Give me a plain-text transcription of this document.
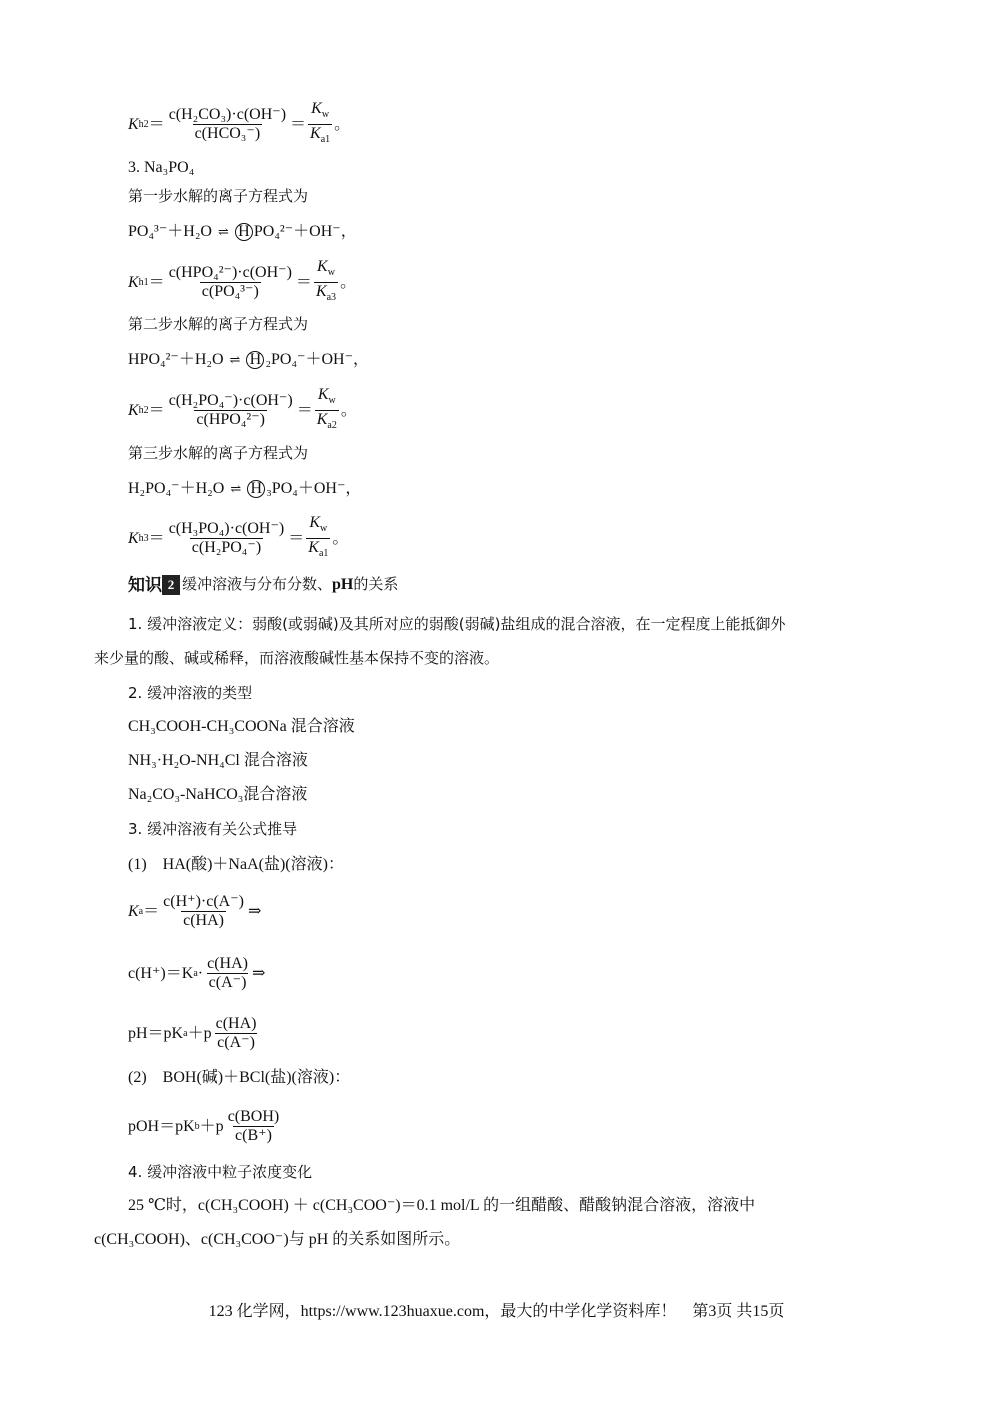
K $h2 = \frac{\text{c(H₂CO₃)·c(OH⁻)}}{\text{c(HCO₃⁻)}} = \frac{K_w}{K_{a1}}$ 。
3. Na₃PO₄
第一步水解的离子方程式为
PO₄³⁻＋H₂O ⇌ H PO₄²⁻＋OH⁻，
K $h1 = \frac{\text{c(HPO₄²⁻)·c(OH⁻)}}{\text{c(PO₄³⁻)}} = \frac{K_w}{K_{a3}}$ 。
第二步水解的离子方程式为
HPO₄²⁻＋H₂O ⇌ H ₂PO₄⁻＋OH⁻，
K $h2 = \frac{\text{c(H₂PO₄⁻)·c(OH⁻)}}{\text{c(HPO₄²⁻)}} = \frac{K_w}{K_{a2}}$ 。
第三步水解的离子方程式为
H₂PO₄⁻＋H₂O ⇌ H ₃PO₄＋OH⁻，
K $h3 = \frac{\text{c(H₃PO₄)·c(OH⁻)}}{\text{c(H₂PO₄⁻)}} = \frac{K_w}{K_{a1}}$ 。
知识 2 缓冲溶液与分布分数、pH的关系
1. 缓冲溶液定义：弱酸(或弱碱)及其所对应的弱酸(弱碱)盐组成的混合溶液，在一定程度上能抵御外
来少量的酸、碱或稀释，而溶液酸碱性基本保持不变的溶液。
2. 缓冲溶液的类型
CH₃COOH-CH₃COONa 混合溶液
NH₃·H₂O-NH₄Cl 混合溶液
Na₂CO₃-NaHCO₃混合溶液
3. 缓冲溶液有关公式推导
(1)　HA(酸)＋NaA(盐)(溶液)：
K $a = \frac{c(H^+)\cdot c(A^-)}{c(HA)}$ ⇒
c(H⁺)＝K $a \cdot \frac{c(HA)}{c(A^-)}$ ⇒
pH＝pK $a +p \frac{c(HA)}{c(A^-)}$
(2)　BOH(碱)＋BCl(盐)(溶液)：
pOH＝pK $b +p \frac{\text{c(BOH)}}{c(B^+)}$
4. 缓冲溶液中粒子浓度变化
25 ℃时，c(CH₃COOH) ＋ c(CH₃COO⁻)＝0.1 mol/L 的一组醋酸、醋酸钠混合溶液，溶液中
c(CH₃COOH)、c(CH₃COO⁻)与 pH 的关系如图所示。
123 化学网，https://www.123huaxue.com，最大的中学化学资料库！　第3页 共15页
